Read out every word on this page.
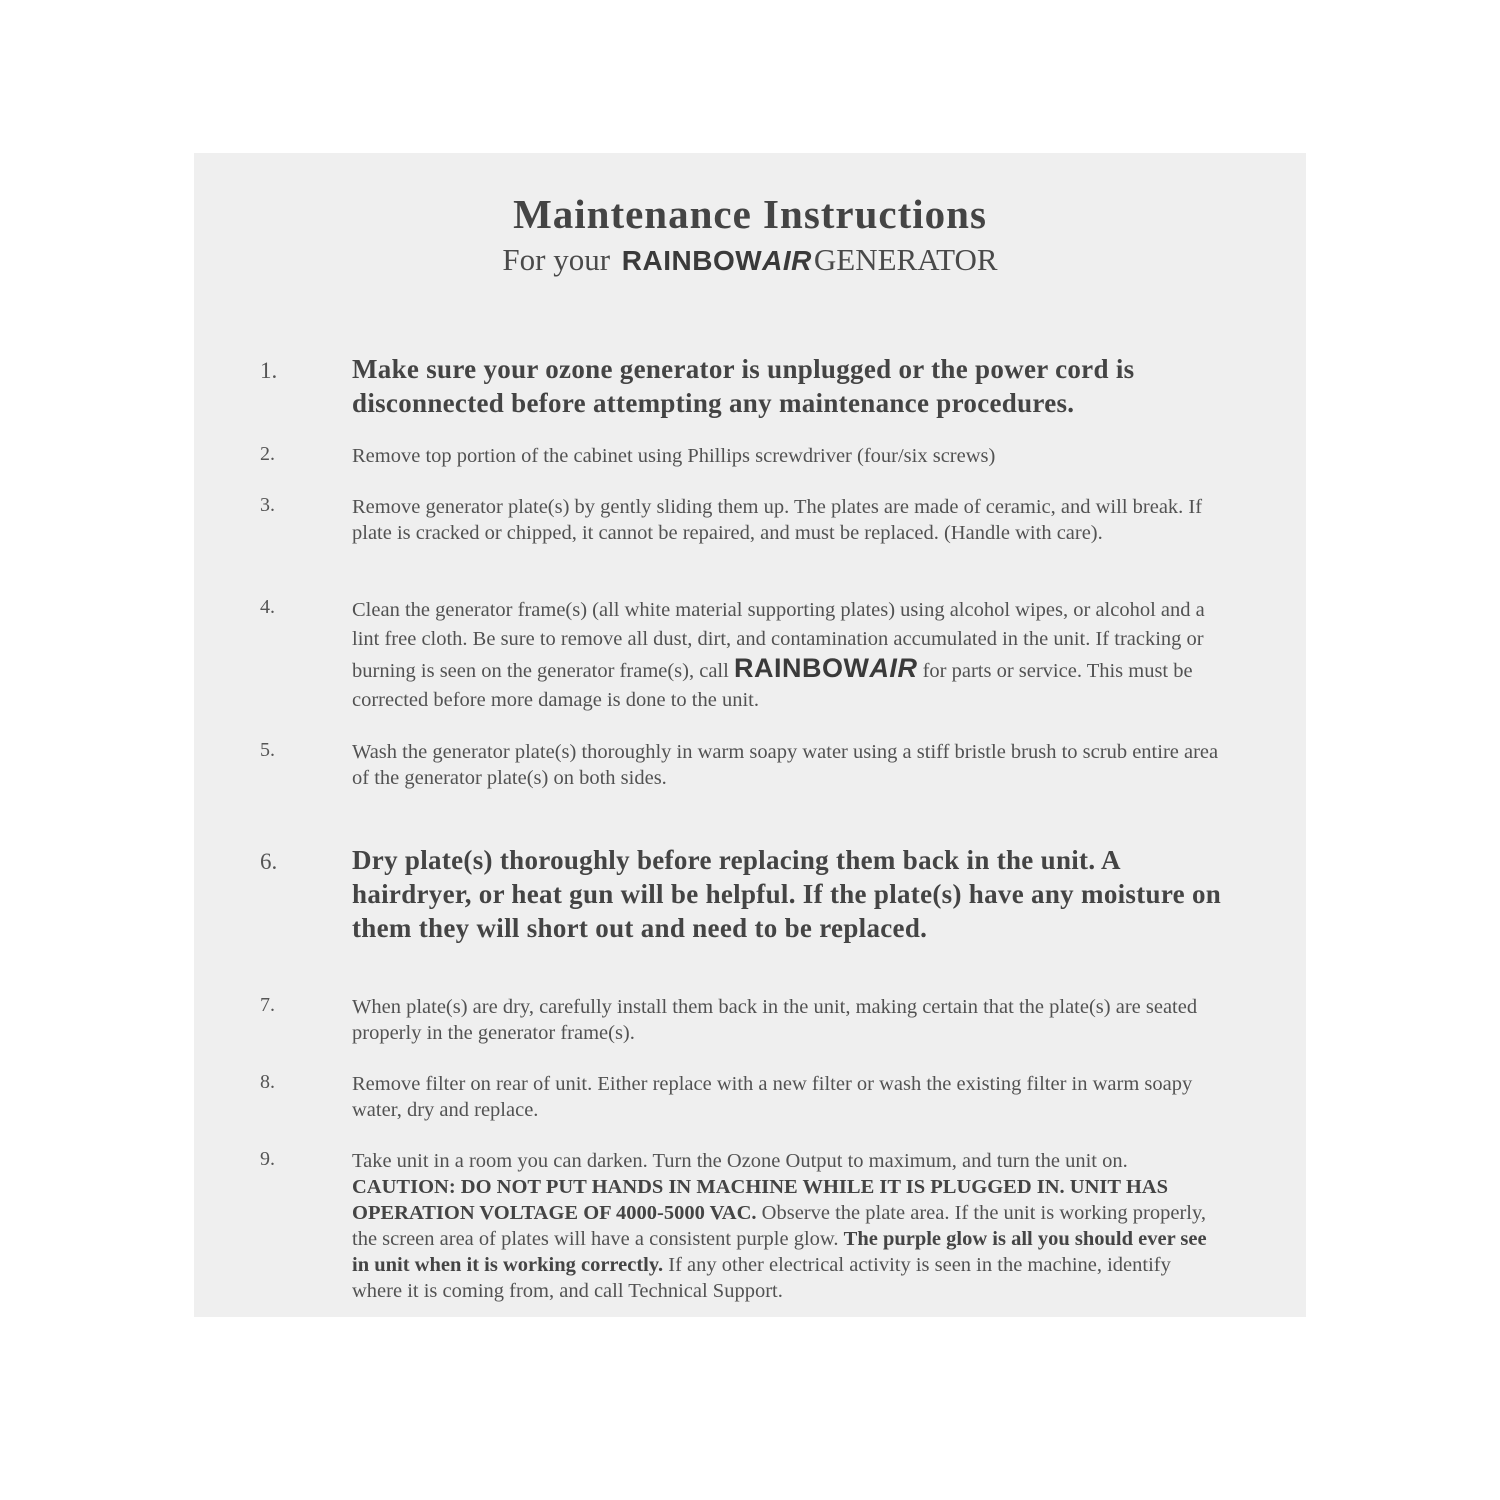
Maintenance Instructions
For your RAINBOWAIRGENERATOR
1.	Make sure your ozone generator is unplugged or the power cord is disconnected before attempting any maintenance procedures.

2.	Remove top portion of the cabinet using Phillips screwdriver (four/six screws)

3.	Remove generator plate(s) by gently sliding them up. The plates are made of ceramic, and will break. If plate is cracked or chipped, it cannot be repaired, and must be replaced. (Handle with care).

4.	Clean the generator frame(s) (all white material supporting plates) using alcohol wipes, or alcohol and a lint free cloth. Be sure to remove all dust, dirt, and contamination accumulated in the unit. If tracking or burning is seen on the generator frame(s), call RAINBOWAIR for parts or service. This must be corrected before more damage is done to the unit.

5.	Wash the generator plate(s) thoroughly in warm soapy water using a stiff bristle brush to scrub entire area of the generator plate(s) on both sides.

6.	Dry plate(s) thoroughly before replacing them back in the unit. A hairdryer, or heat gun will be helpful. If the plate(s) have any moisture on them they will short out and need to be replaced.

7.	When plate(s) are dry, carefully install them back in the unit, making certain that the plate(s) are seated properly in the generator frame(s).

8.	Remove filter on rear of unit. Either replace with a new filter or wash the existing filter in warm soapy water, dry and replace.

9.	Take unit in a room you can darken. Turn the Ozone Output to maximum, and turn the unit on. CAUTION: DO NOT PUT HANDS IN MACHINE WHILE IT IS PLUGGED IN. UNIT HAS OPERATION VOLTAGE OF 4000-5000 VAC. Observe the plate area. If the unit is working properly, the screen area of plates will have a consistent purple glow. The purple glow is all you should ever see in unit when it is working correctly. If any other electrical activity is seen in the machine, identify where it is coming from, and call Technical Support.
